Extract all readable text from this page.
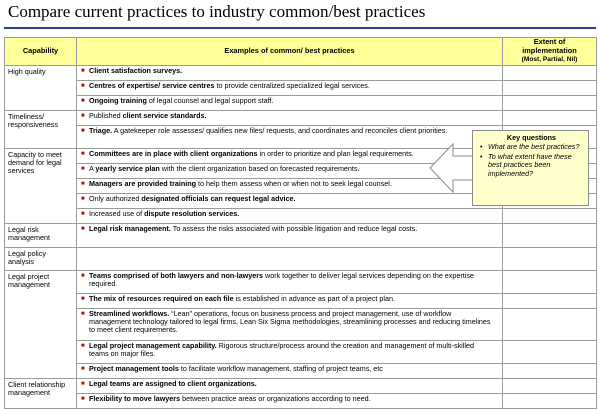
Compare current practices to industry common/best practices
Capability	Examples of common/ best practices	Extent of
implementation
(Most, Partial, Nil)
High quality	■ Client satisfaction surveys.	
	■ Centres of expertise/ service centres to provide centralized specialized legal services.	
	■ Ongoing training of legal counsel and legal support staff.	
Timeliness/ responsiveness	■ Published client service standards.	
	■ Triage. A gatekeeper role assesses/ qualifies new files/ requests, and coordinates and reconciles client priorities.	
Capacity to meet demand for legal services	■ Committees are in place with client organizations in order to prioritize and plan legal requirements.	
	■ A yearly service plan with the client organization based on forecasted requirements.	
	■ Managers are provided training to help them assess when or when not to seek legal counsel.	
	■ Only authorized designated officials can request legal advice.	
	■ Increased use of dispute resolution services.	
Legal risk management	■ Legal risk management. To assess the risks associated with possible litigation and reduce legal costs.	
Legal policy analysis		
Legal project management	■ Teams comprised of both lawyers and non-lawyers work together to deliver legal services depending on the expertise required.	
	■ The mix of resources required on each file is established in advance as part of a project plan.	
	■ Streamlined workflows. “Lean” operations, focus on business process and project management, use of workflow management technology tailored to legal firms, Lean Six Sigma methodologies, streamlining processes and reducing timelines to meet client requirements.	
	■ Legal project management capability. Rigorous structure/process around the creation and management of multi-skilled teams on major files.	
	■ Project management tools to facilitate workflow management, staffing of project teams, etc	
Client relationship management	■ Legal teams are assigned to client organizations.	
	■ Flexibility to move lawyers between practice areas or organizations according to need.	
Key questions
• What are the best practices?
• To what extent have these best practices been implemented?
